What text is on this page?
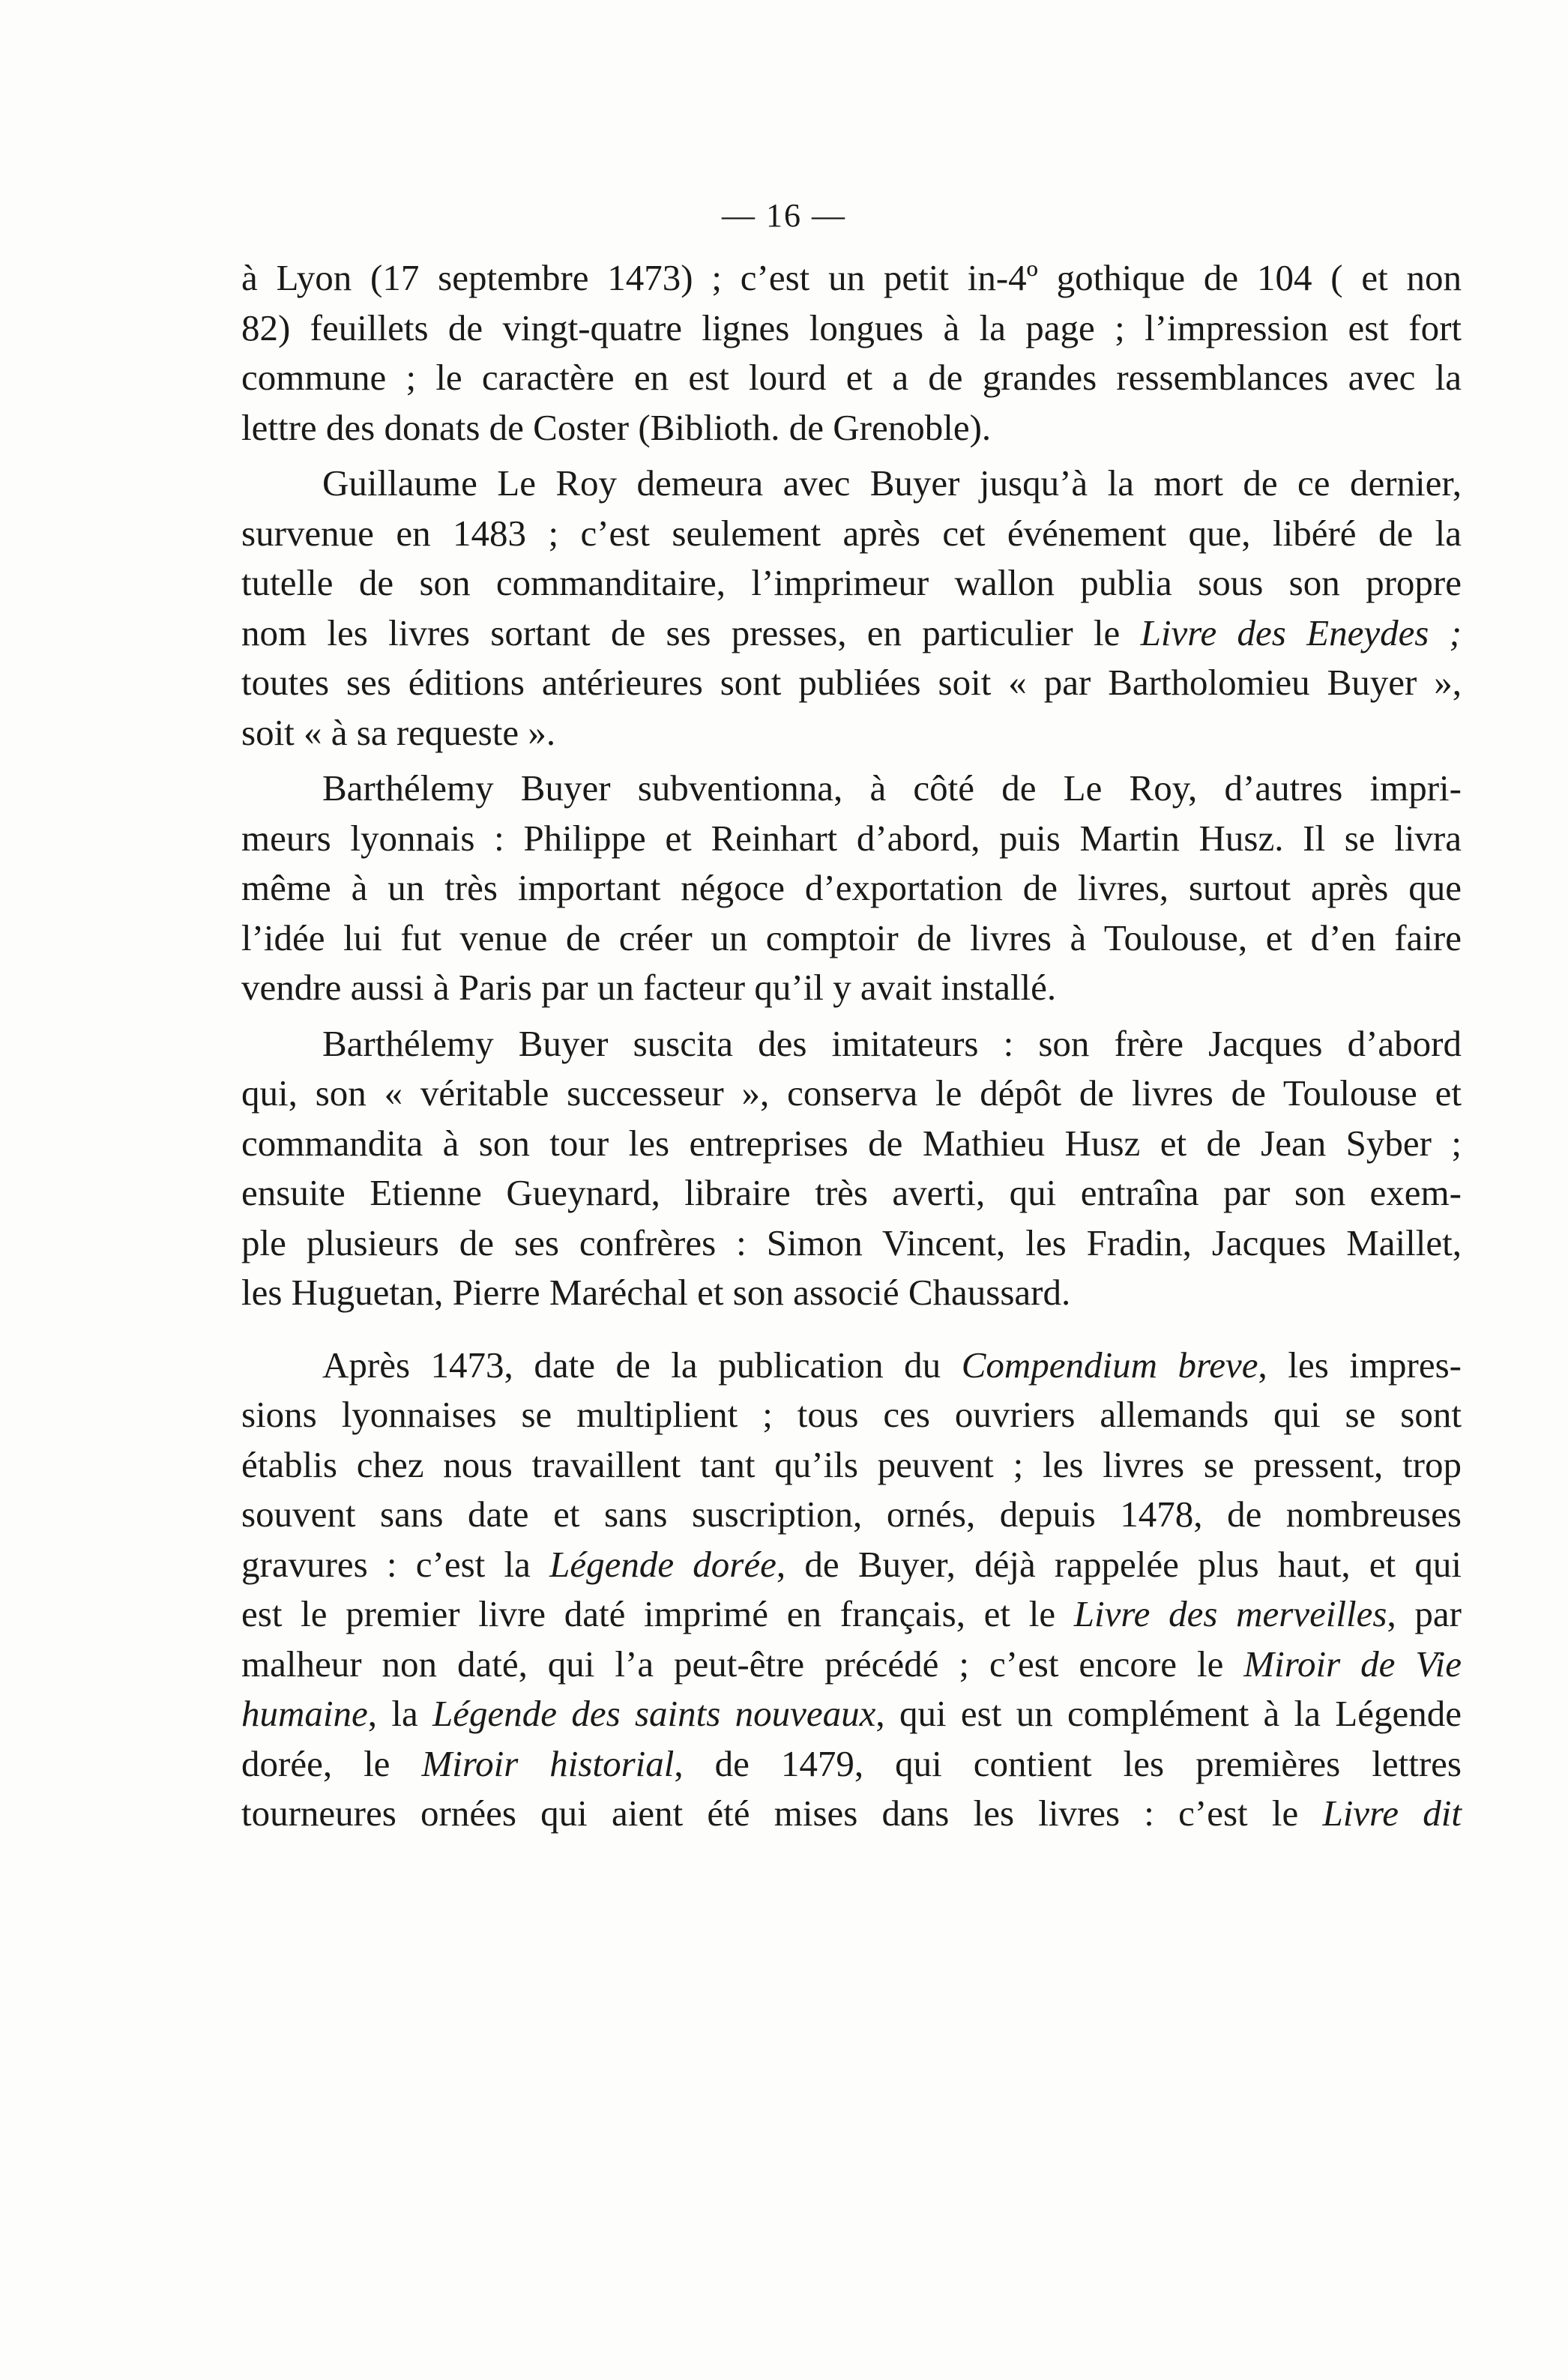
— 16 —
à Lyon (17 septembre 1473) ; c’est un petit in-4º gothique de 104 ( et non
82) feuillets de vingt-quatre lignes longues à la page ; l’impression est fort
commune ; le caractère en est lourd et a de grandes ressemblances avec la
lettre des donats de Coster (Biblioth. de Grenoble).
Guillaume Le Roy demeura avec Buyer jusqu’à la mort de ce dernier,
survenue en 1483 ; c’est seulement après cet événement que, libéré de la
tutelle de son commanditaire, l’imprimeur wallon publia sous son propre
nom les livres sortant de ses presses, en particulier le Livre des Eneydes ;
toutes ses éditions antérieures sont publiées soit « par Bartholomieu Buyer »,
soit « à sa requeste ».
Barthélemy Buyer subventionna, à côté de Le Roy, d’autres impri-
meurs lyonnais : Philippe et Reinhart d’abord, puis Martin Husz. Il se livra
même à un très important négoce d’exportation de livres, surtout après que
l’idée lui fut venue de créer un comptoir de livres à Toulouse, et d’en faire
vendre aussi à Paris par un facteur qu’il y avait installé.
Barthélemy Buyer suscita des imitateurs : son frère Jacques d’abord
qui, son « véritable successeur », conserva le dépôt de livres de Toulouse et
commandita à son tour les entreprises de Mathieu Husz et de Jean Syber ;
ensuite Etienne Gueynard, libraire très averti, qui entraîna par son exem-
ple plusieurs de ses confrères : Simon Vincent, les Fradin, Jacques Maillet,
les Huguetan, Pierre Maréchal et son associé Chaussard.
Après 1473, date de la publication du Compendium breve, les impres-
sions lyonnaises se multiplient ; tous ces ouvriers allemands qui se sont
établis chez nous travaillent tant qu’ils peuvent ; les livres se pressent, trop
souvent sans date et sans suscription, ornés, depuis 1478, de nombreuses
gravures : c’est la Légende dorée, de Buyer, déjà rappelée plus haut, et qui
est le premier livre daté imprimé en français, et le Livre des merveilles, par
malheur non daté, qui l’a peut-être précédé ; c’est encore le Miroir de Vie
humaine, la Légende des saints nouveaux, qui est un complément à la Légende
dorée, le Miroir historial, de 1479, qui contient les premières lettres
tourneures ornées qui aient été mises dans les livres : c’est le Livre dit
